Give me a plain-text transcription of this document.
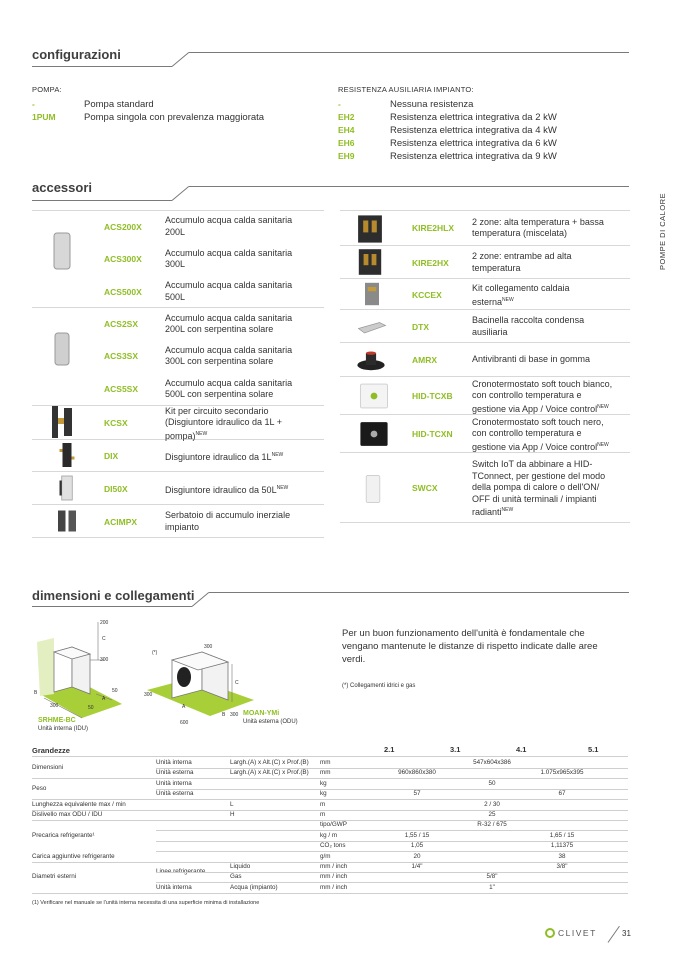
POMPE DI CALORE
configurazioni
POMPA:
-	Pompa standard
1PUM	Pompa singola con prevalenza maggiorata
RESISTENZA AUSILIARIA IMPIANTO:
-	Nessuna resistenza
EH2	Resistenza elettrica integrativa da 2 kW
EH4	Resistenza elettrica integrativa da 4 kW
EH6	Resistenza elettrica integrativa da 6 kW
EH9	Resistenza elettrica integrativa da 9 kW
accessori
ACS200X
Accumulo acqua calda sanitaria
200L
ACS300X
Accumulo acqua calda sanitaria
300L
ACS500X
Accumulo acqua calda sanitaria
500L
ACS2SX
Accumulo acqua calda sanitaria
200L con serpentina solare
ACS3SX
Accumulo acqua calda sanitaria
300L con serpentina solare
ACS5SX
Accumulo acqua calda sanitaria
500L con serpentina solare
KCSX
Kit per circuito secondario
(Disgiuntore idraulico da 1L +
pompa)$^{NEW}$
DIX	Disgiuntore idraulico da $1L^{NEW}$
DI50X	Disgiuntore idraulico da $50L^{NEW}$
ACIMPX
Serbatoio di accumulo inerziale
impianto
KIRE2HLX
2 zone: alta temperatura + bassa
temperatura (miscelata)
KIRE2HX
2 zone: entrambe ad alta
temperatura
KCCEX
Kit collegamento caldaia
esterna$^{NEW}$
DTX
Bacinella raccolta condensa
ausiliaria
AMRX	Antivibranti di base in gomma
HID-TCXB
Cronotermostato soft touch bianco,
con controllo temperatura e
gestione via App / Voice control$^{NEW}$
HID-TCXN
Cronotermostato soft touch nero,
con controllo temperatura e
gestione via App / Voice control$^{NEW}$
SWCX
Switch IoT da abbinare a HID-
TConnect, per gestione del modo
della pompa di calore o dell'ON/
OFF di unità terminali / impianti
radianti$^{NEW}$
dimensioni e collegamenti
200
C
300
B	50
A
300	50
300
600
(*)
300
A
B
C
300
SRHME-BC
Unità interna (IDU)
MOAN-YMi
Unità esterna (ODU)
Per un buon funzionamento dell'unità è fondamentale che
vengano mantenute le distanze di rispetto indicate dalle aree
verdi.
(*) Collegamenti idrici e gas
Grandezze	2.1	3.1	4.1	5.1
Dimensioni
Unità interna	Largh.(A) x Alt.(C) x Prof.(B) mm	547x604x386
Unità esterna	Largh.(A) x Alt.(C) x Prof.(B) mm	960x860x380	1.075x965x395
Peso
Unità interna	kg	50
Unità esterna	kg	57	67
Lunghezza equivalente max / min	L	m	2 / 30
Dislivello max ODU / IDU	H	m	25
Precarica refrigerante¹
tipo/GWP	R-32 / 675
kg / m	1,55 / 15	1,65 / 15
CO₂ tons	1,05	1,11375
Carica aggiuntive refrigerante	g/m	20	38
Diametri esterni
Liquido	mm / inch	1/4"	3/8"
Gas	mm / inch	5/8"
Unità interna	Acqua (impianto)	mm / inch	1"
(1) Verificare nel manuale se l'unità interna necessita di una superficie minima di installazione
CLIVET	31
